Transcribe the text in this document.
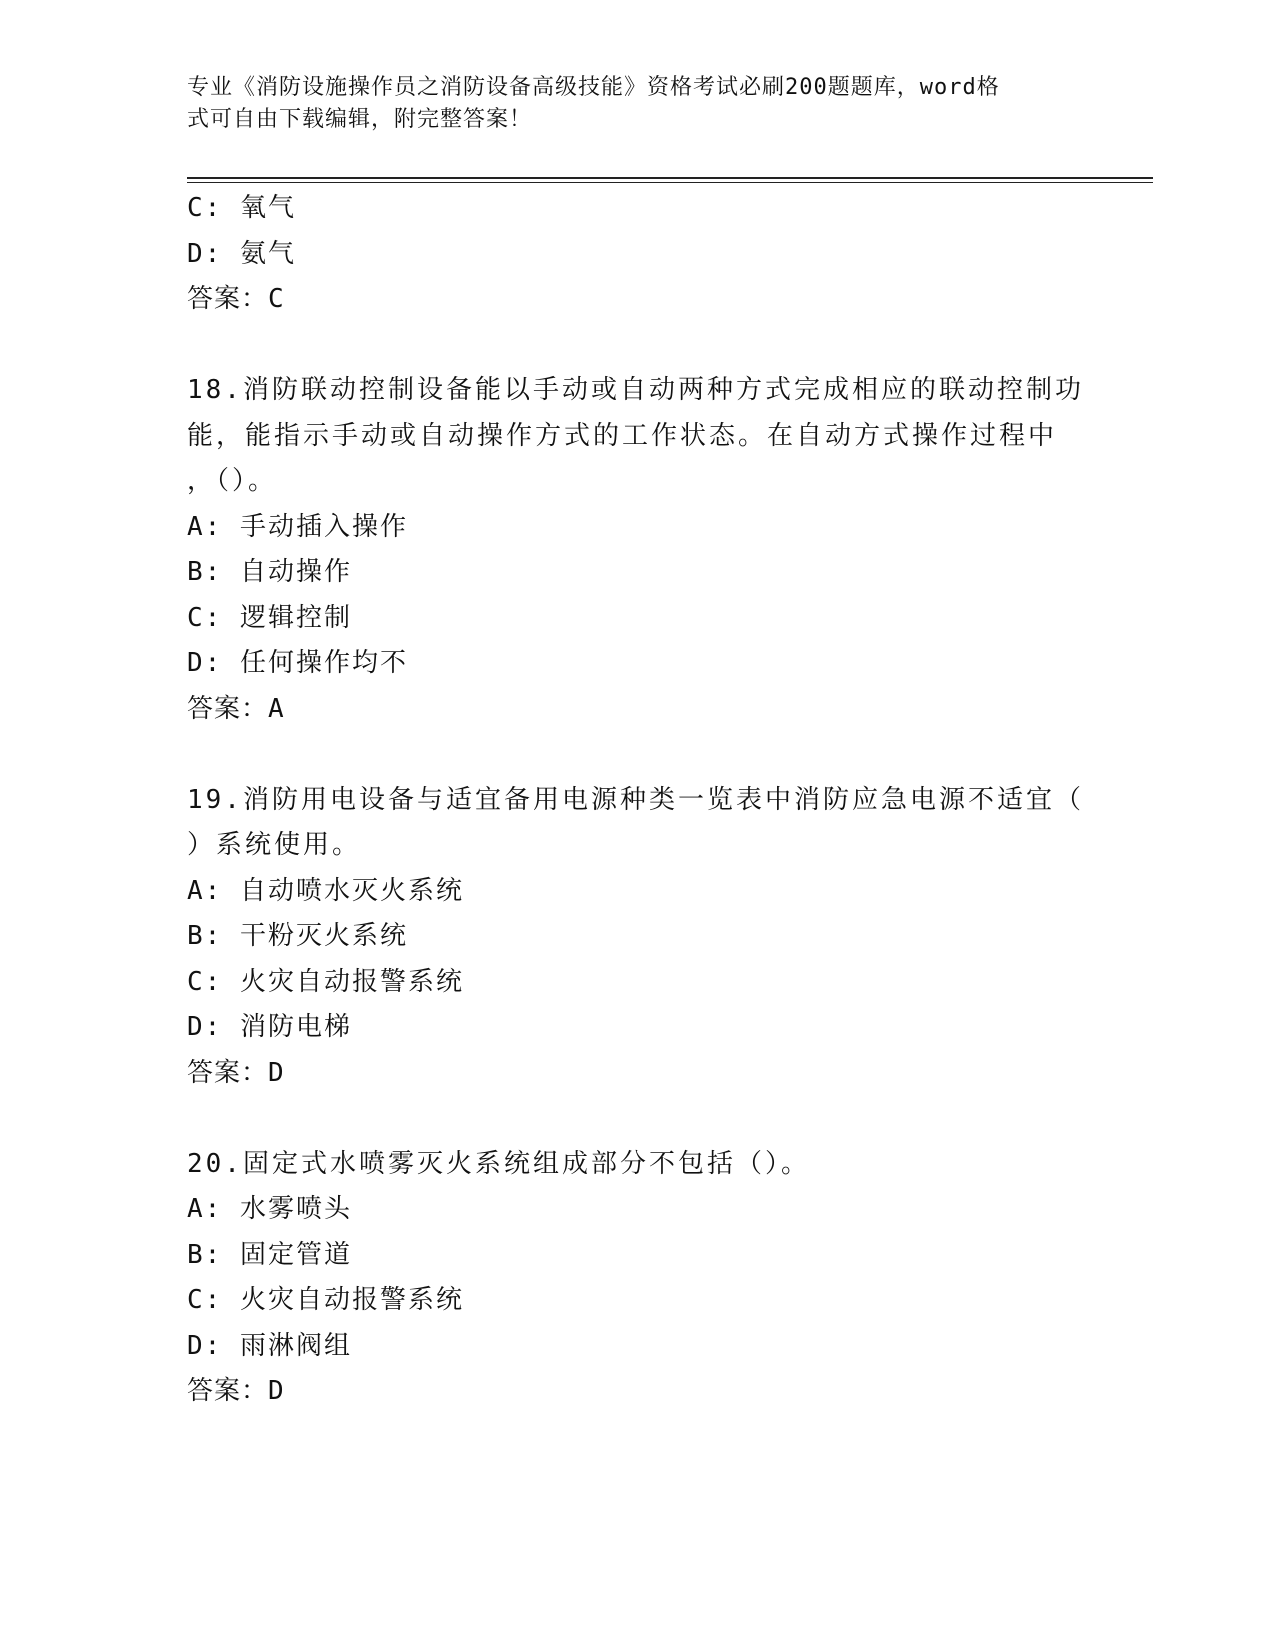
专业《消防设施操作员之消防设备高级技能》资格考试必刷200题题库，word格
式可自由下载编辑，附完整答案！
C: 氧气
D: 氨气
答案：C
18.消防联动控制设备能以手动或自动两种方式完成相应的联动控制功
能，能指示手动或自动操作方式的工作状态。在自动方式操作过程中
，（）。
A: 手动插入操作
B: 自动操作
C: 逻辑控制
D: 任何操作均不
答案：A
19.消防用电设备与适宜备用电源种类一览表中消防应急电源不适宜（
）系统使用。
A: 自动喷水灭火系统
B: 干粉灭火系统
C: 火灾自动报警系统
D: 消防电梯
答案：D
20.固定式水喷雾灭火系统组成部分不包括（）。
A: 水雾喷头
B: 固定管道
C: 火灾自动报警系统
D: 雨淋阀组
答案：D
